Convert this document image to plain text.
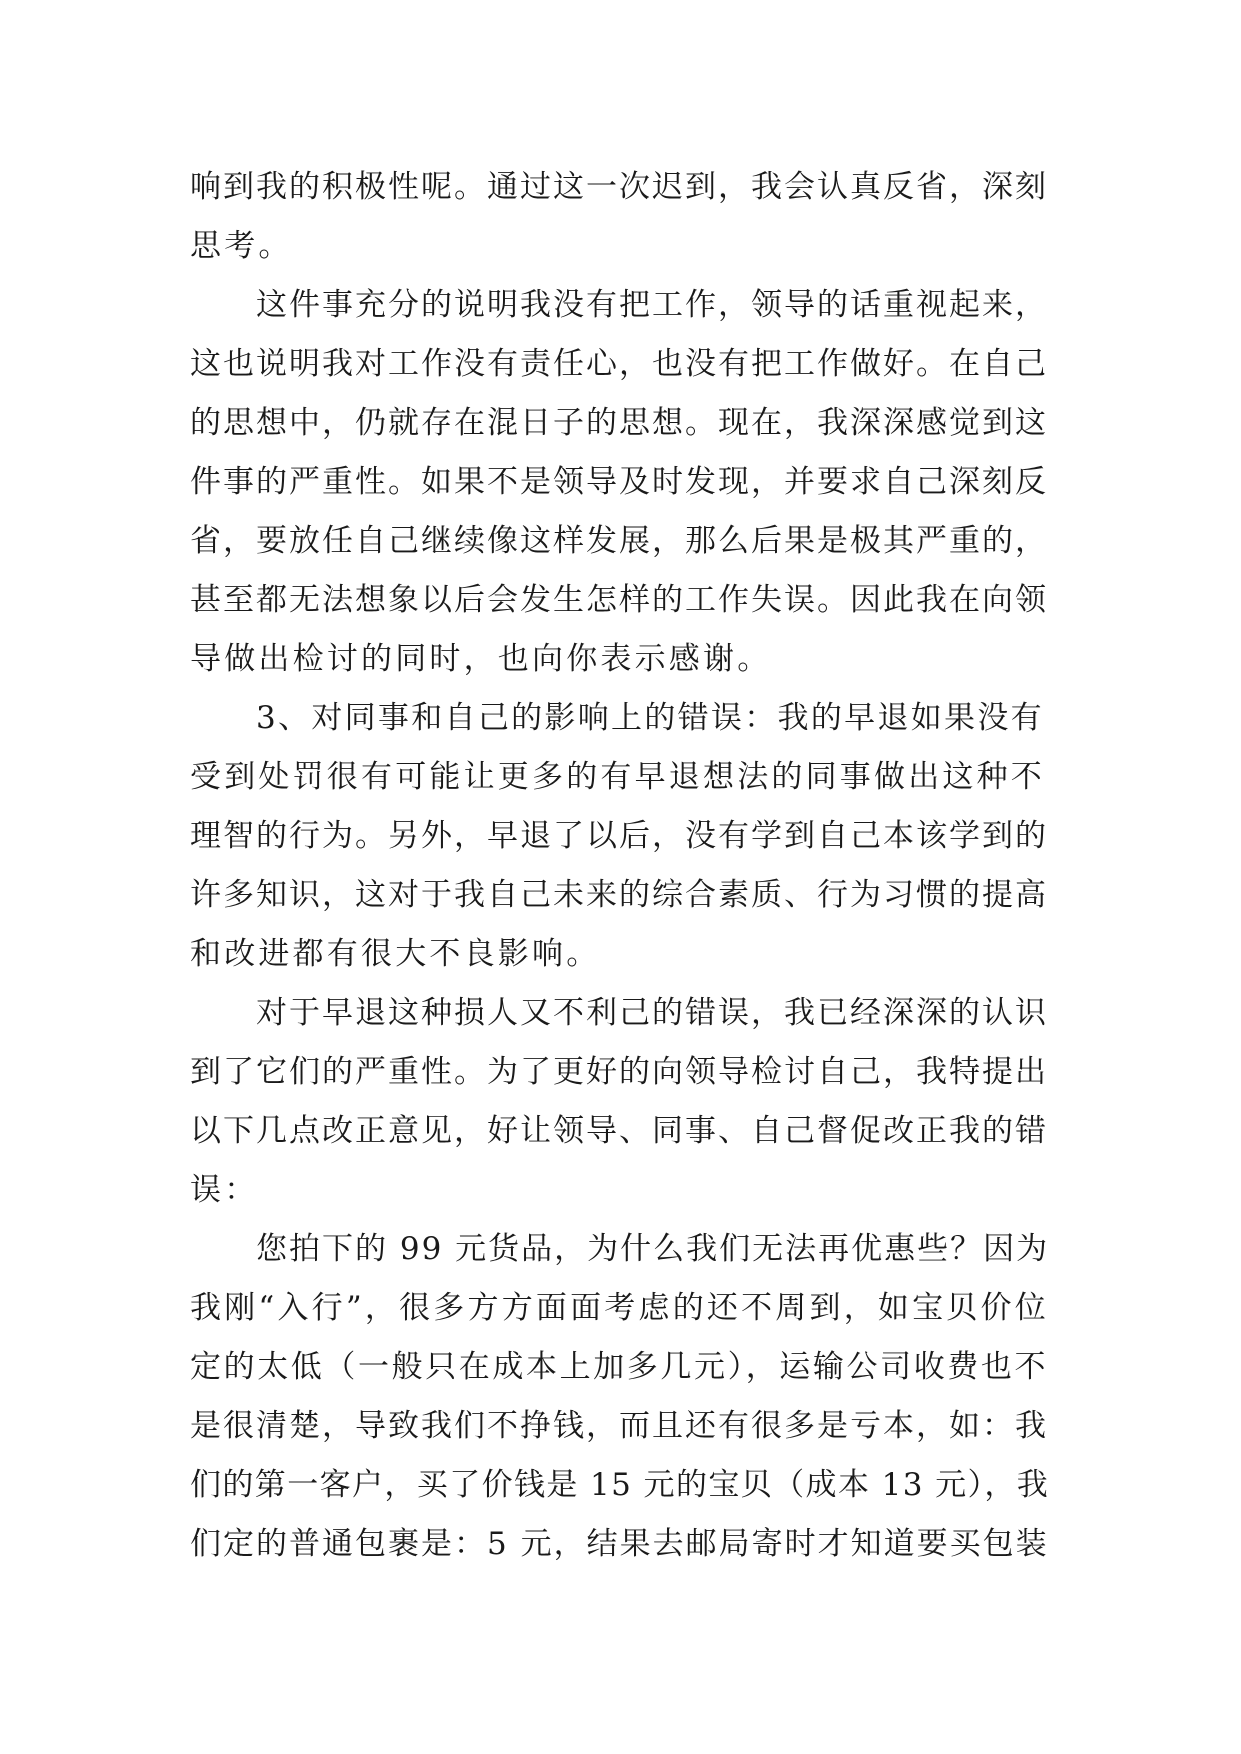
响到我的积极性呢。通过这一次迟到，我会认真反省，深刻
思考。
这件事充分的说明我没有把工作，领导的话重视起来，
这也说明我对工作没有责任心，也没有把工作做好。在自己
的思想中，仍就存在混日子的思想。现在，我深深感觉到这
件事的严重性。如果不是领导及时发现，并要求自己深刻反
省，要放任自己继续像这样发展，那么后果是极其严重的，
甚至都无法想象以后会发生怎样的工作失误。因此我在向领
导做出检讨的同时，也向你表示感谢。
3、对同事和自己的影响上的错误：我的早退如果没有
受到处罚很有可能让更多的有早退想法的同事做出这种不
理智的行为。另外，早退了以后，没有学到自己本该学到的
许多知识，这对于我自己未来的综合素质、行为习惯的提高
和改进都有很大不良影响。
对于早退这种损人又不利己的错误，我已经深深的认识
到了它们的严重性。为了更好的向领导检讨自己，我特提出
以下几点改正意见，好让领导、同事、自己督促改正我的错
误：
您拍下的 99 元货品，为什么我们无法再优惠些？因为
我刚“入行”，很多方方面面考虑的还不周到，如宝贝价位
定的太低（一般只在成本上加多几元），运输公司收费也不
是很清楚，导致我们不挣钱，而且还有很多是亏本，如：我
们的第一客户，买了价钱是 15 元的宝贝（成本 13 元），我
们定的普通包裹是：5 元，结果去邮局寄时才知道要买包装
